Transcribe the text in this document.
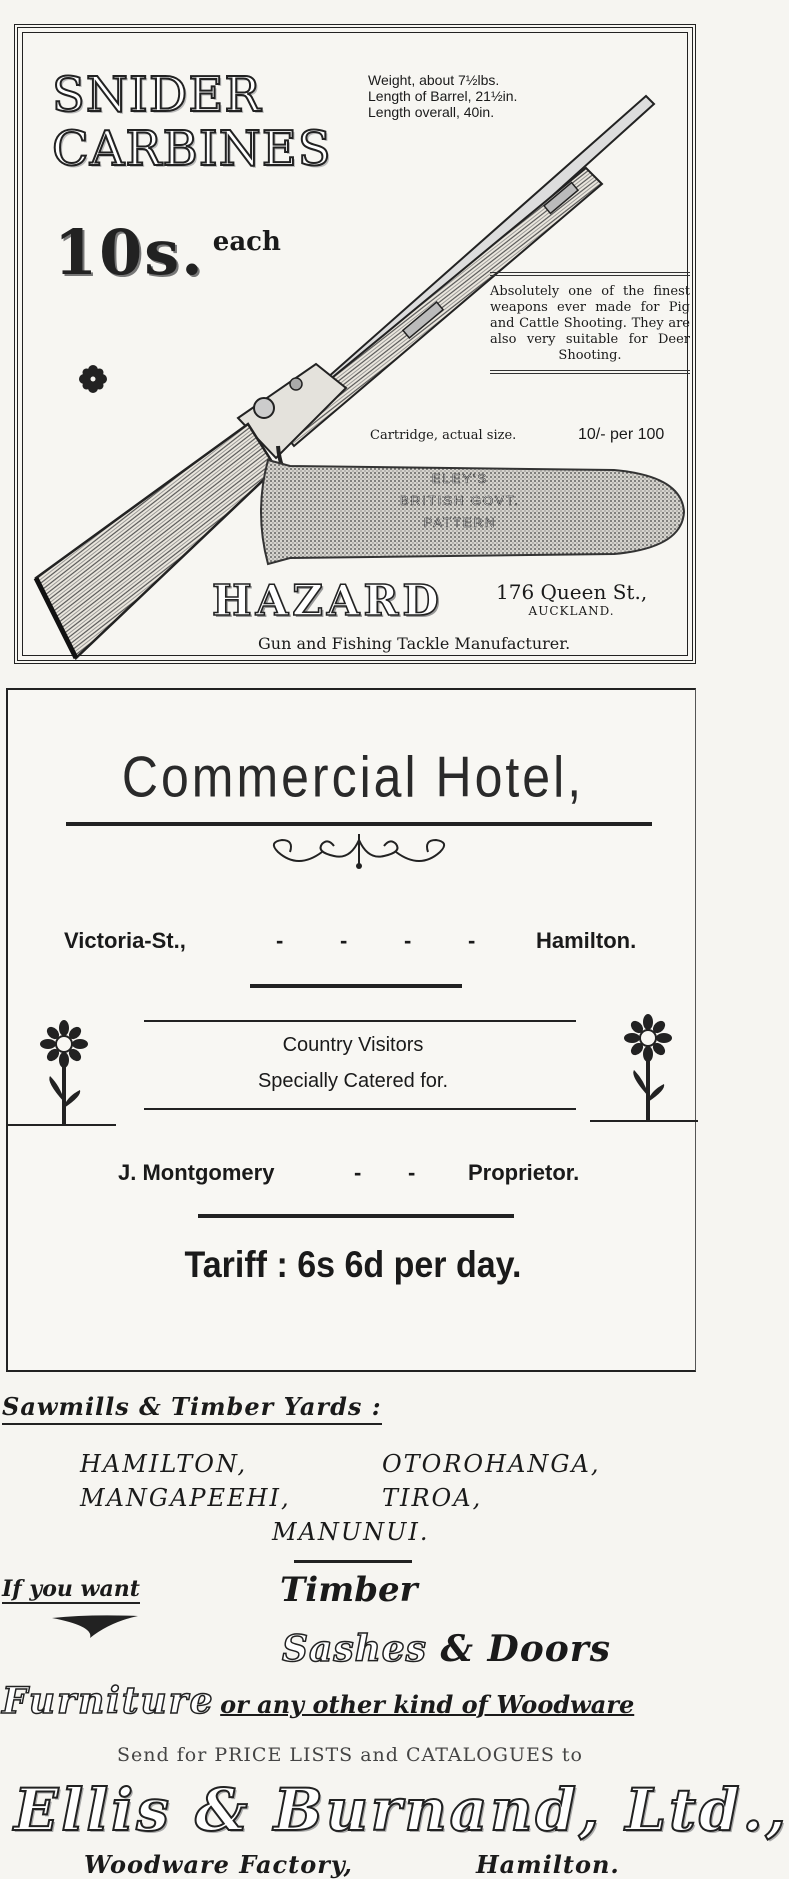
SNIDER
CARBINES
10s. each
Weight, about 7½lbs.
Length of Barrel, 21½in.
Length overall, 40in.
Absolutely one of the finest weapons ever made for Pig and Cattle Shooting. They are also very suitable for Deer Shooting.
Cartridge, actual size.	10/- per 100
ELEY'S
BRITISH GOVT.
PATTERN
HAZARD	176 Queen St.,
AUCKLAND.
Gun and Fishing Tackle Manufacturer.
Commercial Hotel,
Victoria-St.,	-	-	-	-	Hamilton.
Country Visitors
Specially Catered for.
J. Montgomery	- - Proprietor.
Tariff : 6s 6d per day.
Sawmills & Timber Yards :
HAMILTON,	OTOROHANGA,
MANGAPEEHI,	TIROA,
MANUNUI.
If you want	Timber
Sashes & Doors
Furniture or any other kind of Woodware
Send for PRICE LISTS and CATALOGUES to
Ellis & Burnand, Ltd.,
Woodware Factory,	Hamilton.
